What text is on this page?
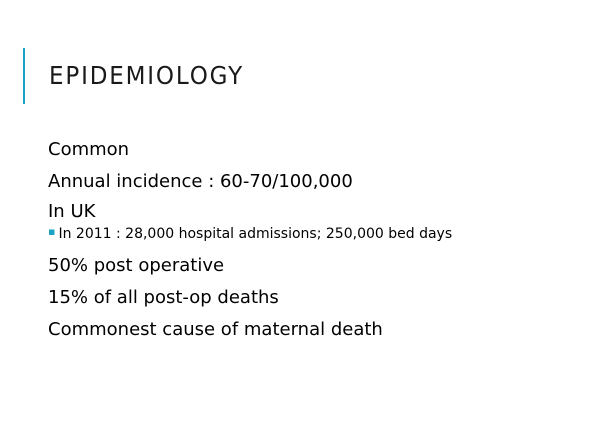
EPIDEMIOLOGY
Common
Annual incidence : 60-70/100,000
In UK
▪ In 2011 : 28,000 hospital admissions; 250,000 bed days
50% post operative
15% of all post-op deaths
Commonest cause of maternal death
